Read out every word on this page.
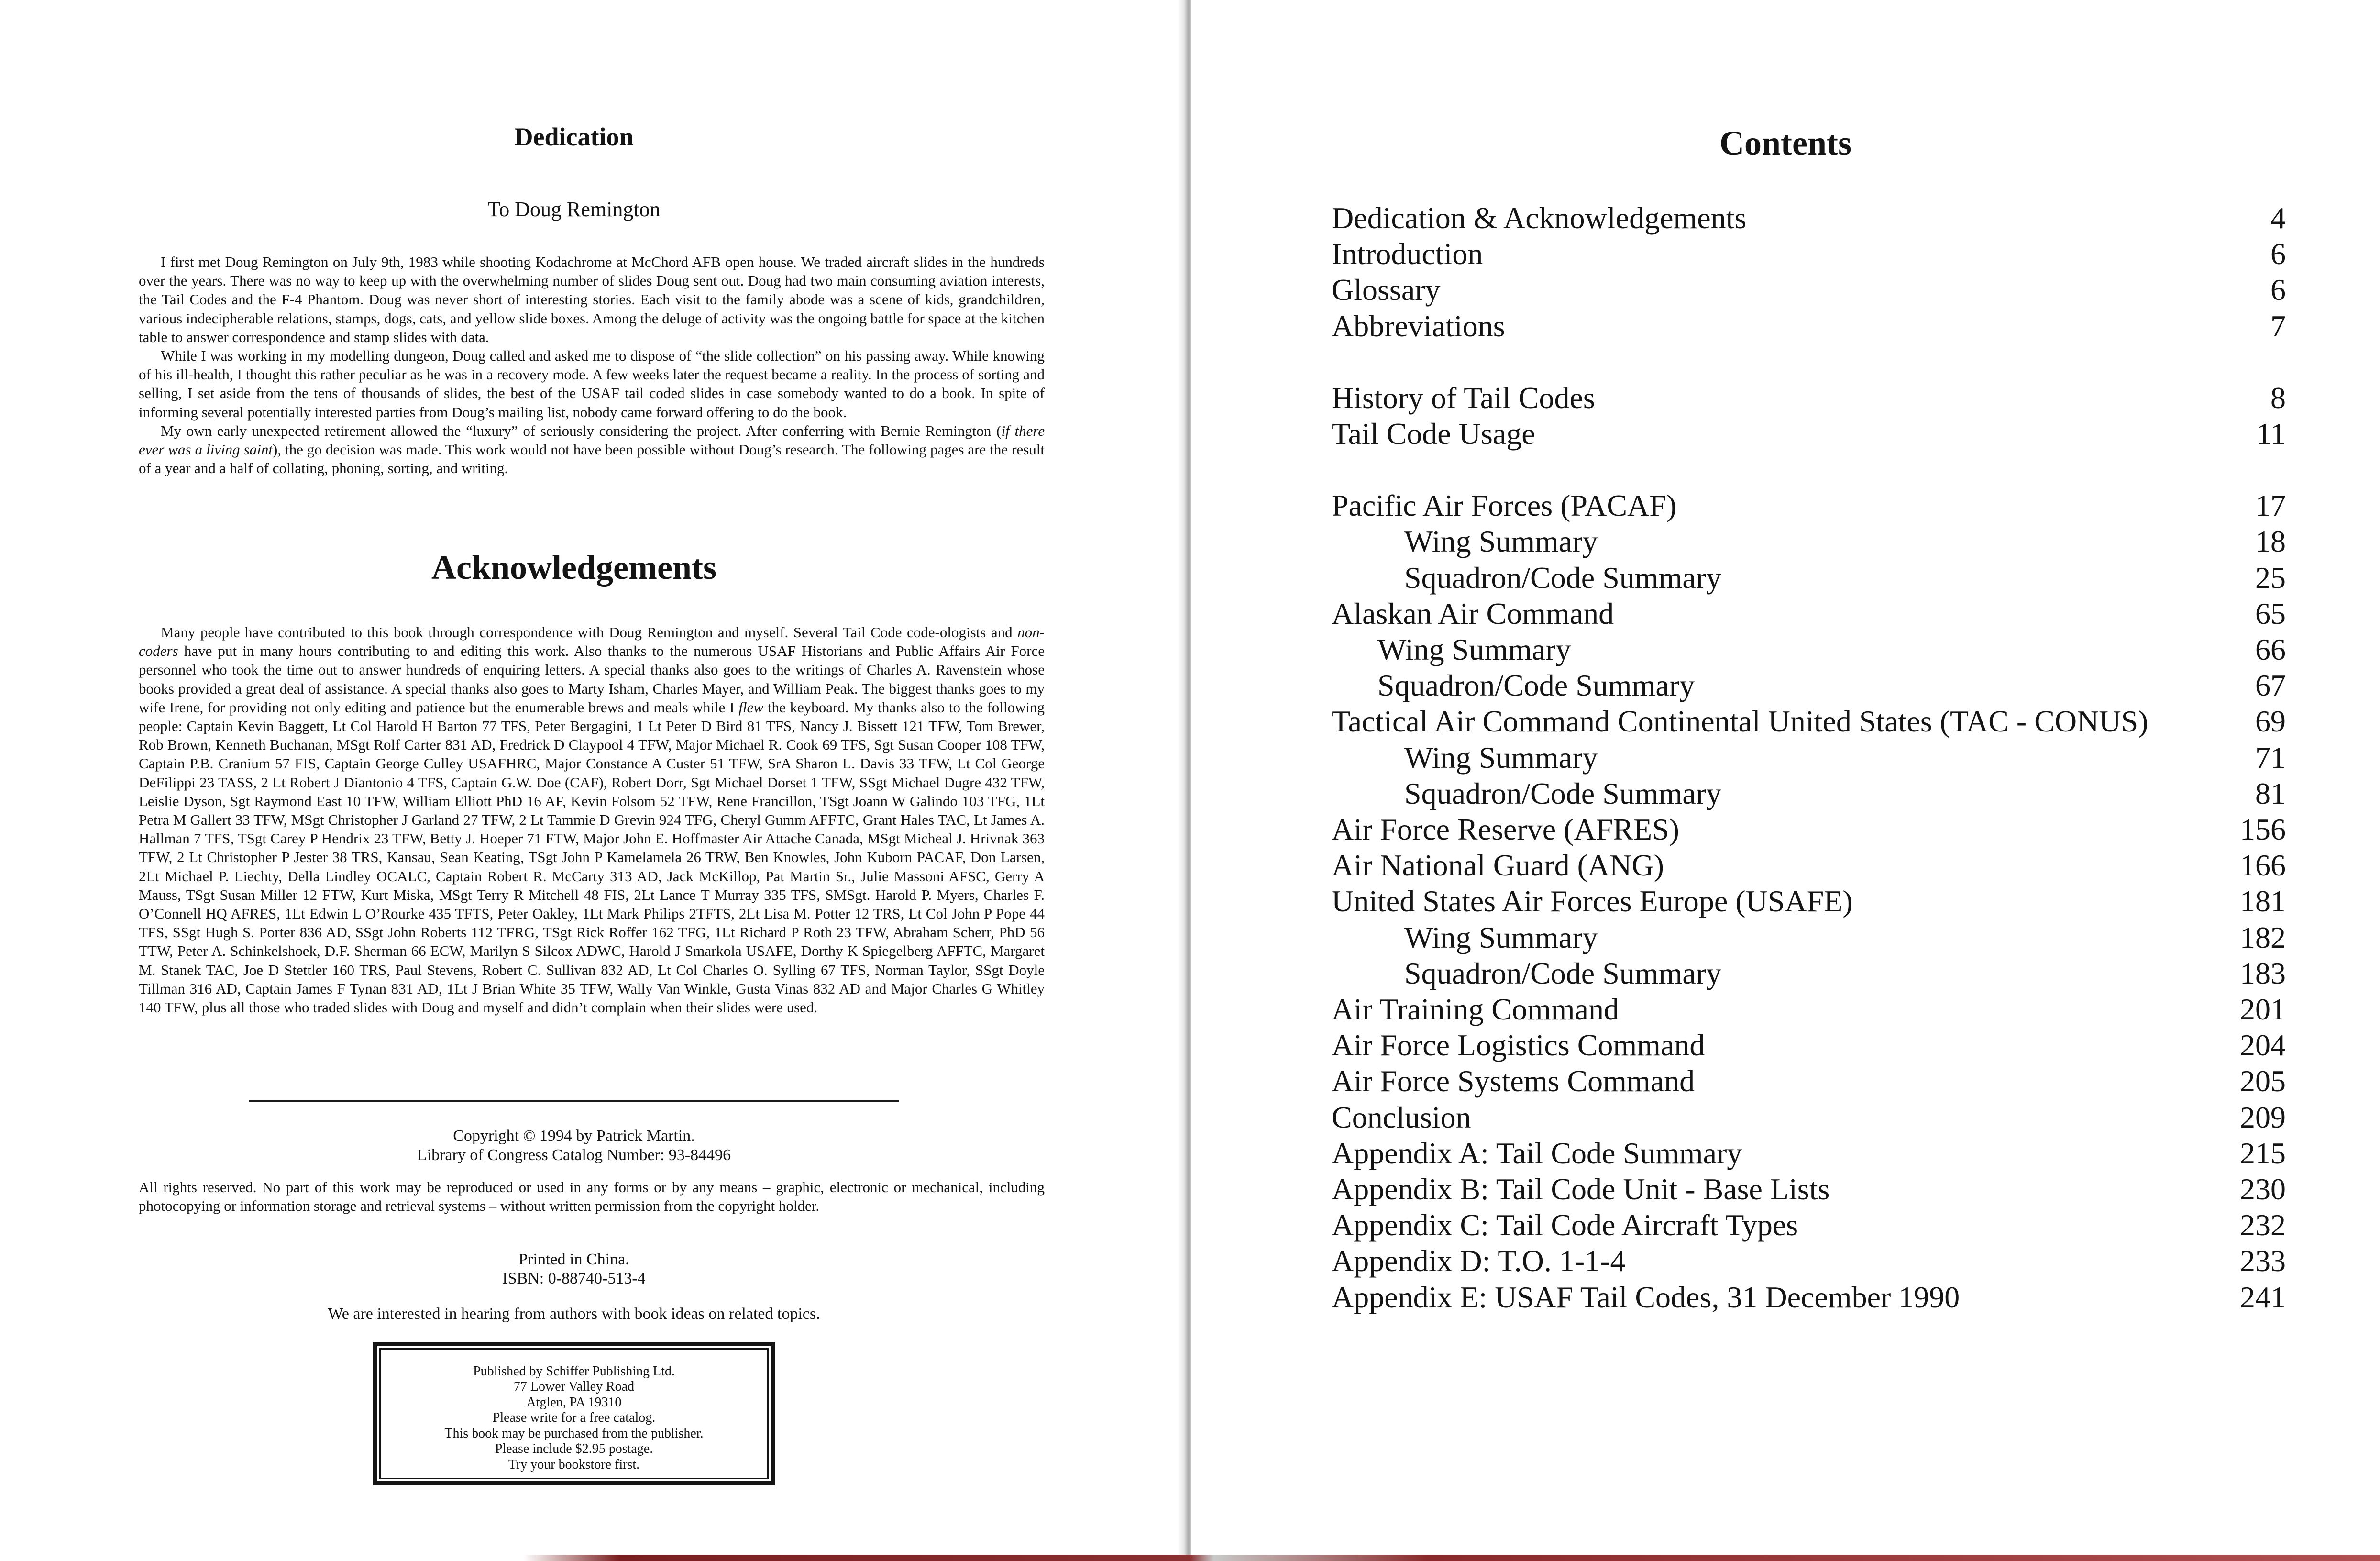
Dedication
To Doug Remington

I first met Doug Remington on July 9th, 1983 while shooting Kodachrome at McChord AFB open house. We traded aircraft slides in the hundreds over the years. There was no way to keep up with the overwhelming number of slides Doug sent out. Doug had two main consuming aviation interests, the Tail Codes and the F-4 Phantom. Doug was never short of interesting stories. Each visit to the family abode was a scene of kids, grandchildren, various indecipherable relations, stamps, dogs, cats, and yellow slide boxes. Among the deluge of activity was the ongoing battle for space at the kitchen table to answer correspondence and stamp slides with data.

While I was working in my modelling dungeon, Doug called and asked me to dispose of “the slide collection” on his passing away. While knowing of his ill-health, I thought this rather peculiar as he was in a recovery mode. A few weeks later the request became a reality. In the process of sorting and selling, I set aside from the tens of thousands of slides, the best of the USAF tail coded slides in case somebody wanted to do a book. In spite of informing several potentially interested parties from Doug’s mailing list, nobody came forward offering to do the book.

My own early unexpected retirement allowed the “luxury” of seriously considering the project. After conferring with Bernie Remington (if there ever was a living saint), the go decision was made. This work would not have been possible without Doug’s research. The following pages are the result of a year and a half of collating, phoning, sorting, and writing.

Acknowledgements

Many people have contributed to this book through correspondence with Doug Remington and myself. Several Tail Code code-ologists and non-coders have put in many hours contributing to and editing this work. Also thanks to the numerous USAF Historians and Public Affairs Air Force personnel who took the time out to answer hundreds of enquiring letters. A special thanks also goes to the writings of Charles A. Ravenstein whose books provided a great deal of assistance. A special thanks also goes to Marty Isham, Charles Mayer, and William Peak. The biggest thanks goes to my wife Irene, for providing not only editing and patience but the enumerable brews and meals while I flew the keyboard. My thanks also to the following people: Captain Kevin Baggett, Lt Col Harold H Barton 77 TFS, Peter Bergagini, 1 Lt Peter D Bird 81 TFS, Nancy J. Bissett 121 TFW, Tom Brewer, Rob Brown, Kenneth Buchanan, MSgt Rolf Carter 831 AD, Fredrick D Claypool 4 TFW, Major Michael R. Cook 69 TFS, Sgt Susan Cooper 108 TFW, Captain P.B. Cranium 57 FIS, Captain George Culley USAFHRC, Major Constance A Custer 51 TFW, SrA Sharon L. Davis 33 TFW, Lt Col George DeFilippi 23 TASS, 2 Lt Robert J Diantonio 4 TFS, Captain G.W. Doe (CAF), Robert Dorr, Sgt Michael Dorset 1 TFW, SSgt Michael Dugre 432 TFW, Leislie Dyson, Sgt Raymond East 10 TFW, William Elliott PhD 16 AF, Kevin Folsom 52 TFW, Rene Francillon, TSgt Joann W Galindo 103 TFG, 1Lt Petra M Gallert 33 TFW, MSgt Christopher J Garland 27 TFW, 2 Lt Tammie D Grevin 924 TFG, Cheryl Gumm AFFTC, Grant Hales TAC, Lt James A. Hallman 7 TFS, TSgt Carey P Hendrix 23 TFW, Betty J. Hoeper 71 FTW, Major John E. Hoffmaster Air Attache Canada, MSgt Micheal J. Hrivnak 363 TFW, 2 Lt Christopher P Jester 38 TRS, Kansau, Sean Keating, TSgt John P Kamelamela 26 TRW, Ben Knowles, John Kuborn PACAF, Don Larsen, 2Lt Michael P. Liechty, Della Lindley OCALC, Captain Robert R. McCarty 313 AD, Jack McKillop, Pat Martin Sr., Julie Massoni AFSC, Gerry A Mauss, TSgt Susan Miller 12 FTW, Kurt Miska, MSgt Terry R Mitchell 48 FIS, 2Lt Lance T Murray 335 TFS, SMSgt. Harold P. Myers, Charles F. O’Connell HQ AFRES, 1Lt Edwin L O’Rourke 435 TFTS, Peter Oakley, 1Lt Mark Philips 2TFTS, 2Lt Lisa M. Potter 12 TRS, Lt Col John P Pope 44 TFS, SSgt Hugh S. Porter 836 AD, SSgt John Roberts 112 TFRG, TSgt Rick Roffer 162 TFG, 1Lt Richard P Roth 23 TFW, Abraham Scherr, PhD 56 TTW, Peter A. Schinkelshoek, D.F. Sherman 66 ECW, Marilyn S Silcox ADWC, Harold J Smarkola USAFE, Dorthy K Spiegelberg AFFTC, Margaret M. Stanek TAC, Joe D Stettler 160 TRS, Paul Stevens, Robert C. Sullivan 832 AD, Lt Col Charles O. Sylling 67 TFS, Norman Taylor, SSgt Doyle Tillman 316 AD, Captain James F Tynan 831 AD, 1Lt J Brian White 35 TFW, Wally Van Winkle, Gusta Vinas 832 AD and Major Charles G Whitley 140 TFW, plus all those who traded slides with Doug and myself and didn’t complain when their slides were used.

Copyright © 1994 by Patrick Martin.
Library of Congress Catalog Number: 93-84496
All rights reserved. No part of this work may be reproduced or used in any forms or by any means – graphic, electronic or mechanical, including photocopying or information storage and retrieval systems – without written permission from the copyright holder.
Printed in China.
ISBN: 0-88740-513-4
We are interested in hearing from authors with book ideas on related topics.
Published by Schiffer Publishing Ltd.
77 Lower Valley Road
Atglen, PA 19310
Please write for a free catalog.
This book may be purchased from the publisher.
Please include $2.95 postage.
Try your bookstore first.
Contents
Dedication & Acknowledgements	4
Introduction	6
Glossary	6
Abbreviations	7
History of Tail Codes	8
Tail Code Usage	11
Pacific Air Forces (PACAF)	17
Wing Summary	18
Squadron/Code Summary	25
Alaskan Air Command	65
Wing Summary	66
Squadron/Code Summary	67
Tactical Air Command Continental United States (TAC - CONUS)	69
Wing Summary	71
Squadron/Code Summary	81
Air Force Reserve (AFRES)	156
Air National Guard (ANG)	166
United States Air Forces Europe (USAFE)	181
Wing Summary	182
Squadron/Code Summary	183
Air Training Command	201
Air Force Logistics Command	204
Air Force Systems Command	205
Conclusion	209
Appendix A: Tail Code Summary	215
Appendix B: Tail Code Unit - Base Lists	230
Appendix C: Tail Code Aircraft Types	232
Appendix D: T.O. 1-1-4	233
Appendix E: USAF Tail Codes, 31 December 1990	241
